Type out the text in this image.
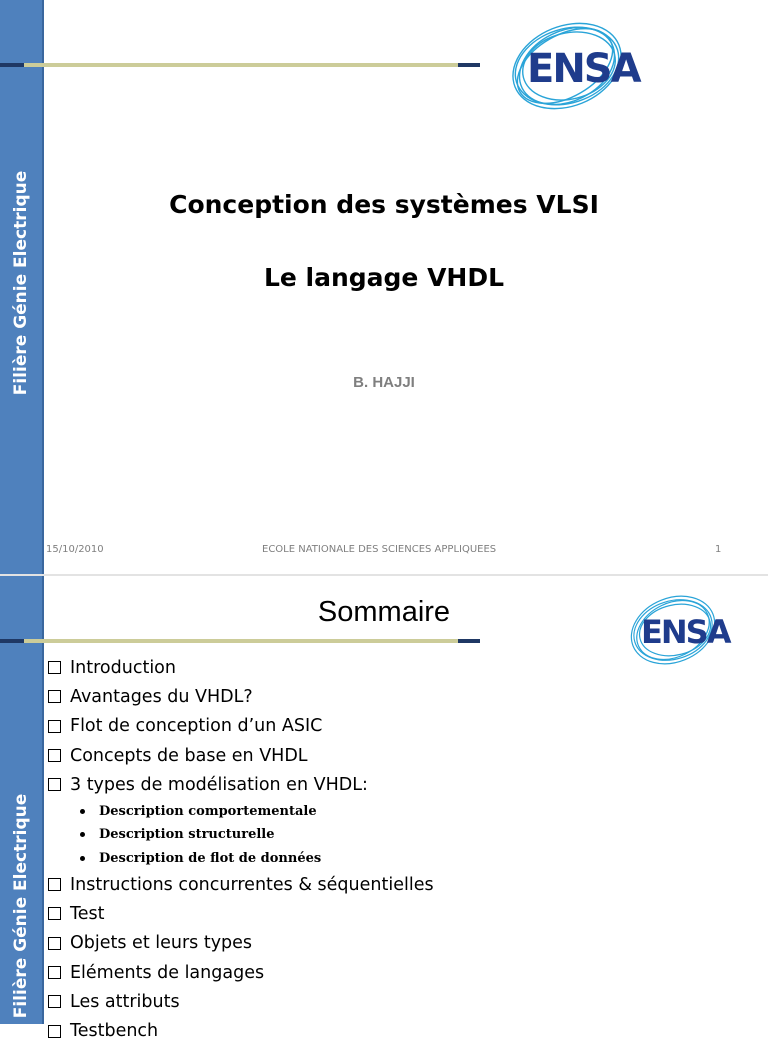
Filière Génie Electrique
ENSA
Conception des systèmes VLSI
Le langage VHDL
B. HAJJI
15/10/2010	ECOLE NATIONALE DES SCIENCES APPLIQUEES	1
Filière Génie Electrique
ENSA
Sommaire
Introduction
Avantages du VHDL?
Flot de conception d’un ASIC
Concepts de base en VHDL
3 types de modélisation en VHDL:
Description comportementale
Description structurelle
Description de flot de données
Instructions concurrentes & séquentielles
Test
Objets et leurs types
Eléments de langages
Les attributs
Testbench
